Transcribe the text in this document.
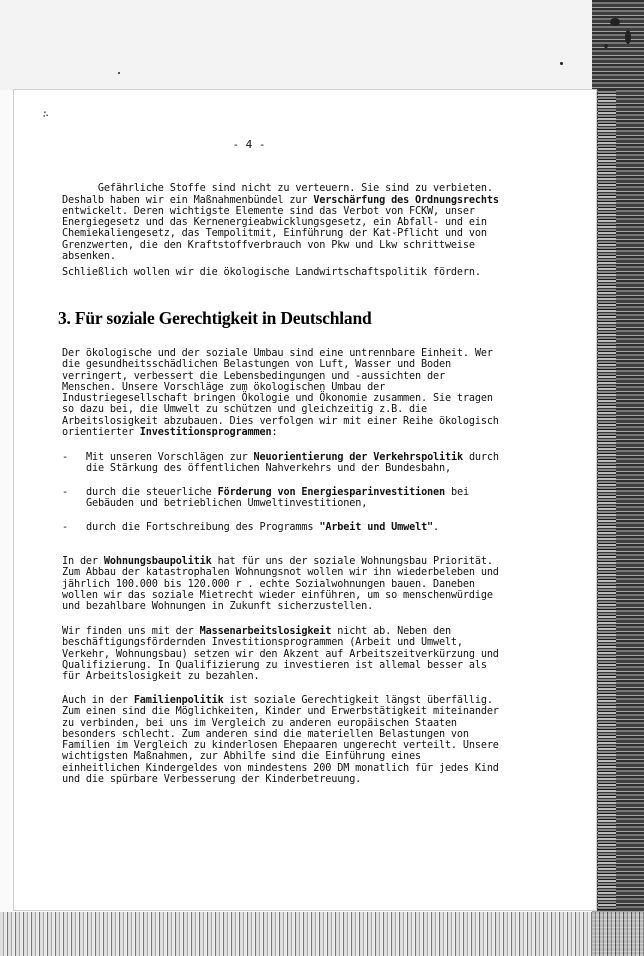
∴
- 4 -

Gefährliche Stoffe sind nicht zu verteuern. Sie sind zu verbieten.
Deshalb haben wir ein Maßnahmenbündel zur Verschärfung des Ordnungsrechts
entwickelt. Deren wichtigste Elemente sind das Verbot von FCKW, unser
Energiegesetz und das Kernenergieabwicklungsgesetz, ein Abfall- und ein
Chemiekaliengesetz, das Tempolitmit, Einführung der Kat-Pflicht und von
Grenzwerten, die den Kraftstoffverbrauch von Pkw und Lkw schrittweise
absenken.

Schließlich wollen wir die ökologische Landwirtschaftspolitik fördern.
3. Für soziale Gerechtigkeit in Deutschland
Der ökologische und der soziale Umbau sind eine untrennbare Einheit. Wer
die gesundheitsschädlichen Belastungen von Luft, Wasser und Boden
verringert, verbessert die Lebensbedingungen und -aussichten der
Menschen. Unsere Vorschläge zum ökologischen Umbau der
Industriegesellschaft bringen Ökologie und Ökonomie zusammen. Sie tragen
so dazu bei, die Umwelt zu schützen und gleichzeitig z.B. die
Arbeitslosigkeit abzubauen. Dies verfolgen wir mit einer Reihe ökologisch
orientierter Investitionsprogrammen:

-

Mit unseren Vorschlägen zur Neuorientierung der Verkehrspolitik durch
die Stärkung des öffentlichen Nahverkehrs und der Bundesbahn,

-

durch die steuerliche Förderung von Energiesparinvestitionen bei
Gebäuden und betrieblichen Umweltinvestitionen,

-

durch die Fortschreibung des Programms "Arbeit und Umwelt".

In der Wohnungsbaupolitik hat für uns der soziale Wohnungsbau Priorität.
Zum Abbau der katastrophalen Wohnungsnot wollen wir ihn wiederbeleben und
jährlich 100.000 bis 120.000 r . echte Sozialwohnungen bauen. Daneben
wollen wir das soziale Mietrecht wieder einführen, um so menschenwürdige
und bezahlbare Wohnungen in Zukunft sicherzustellen.
Wir finden uns mit der Massenarbeitslosigkeit nicht ab. Neben den
beschäftigungsfördernden Investitionsprogrammen (Arbeit und Umwelt,
Verkehr, Wohnungsbau) setzen wir den Akzent auf Arbeitszeitverkürzung und
Qualifizierung. In Qualifizierung zu investieren ist allemal besser als
für Arbeitslosigkeit zu bezahlen.
Auch in der Familienpolitik ist soziale Gerechtigkeit längst überfällig.
Zum einen sind die Möglichkeiten, Kinder und Erwerbstätigkeit miteinander
zu verbinden, bei uns im Vergleich zu anderen europäischen Staaten
besonders schlecht. Zum anderen sind die materiellen Belastungen von
Familien im Vergleich zu kinderlosen Ehepaaren ungerecht verteilt. Unsere
wichtigsten Maßnahmen, zur Abhilfe sind die Einführung eines
einheitlichen Kindergeldes von mindestens 200 DM monatlich für jedes Kind
und die spürbare Verbesserung der Kinderbetreuung.
